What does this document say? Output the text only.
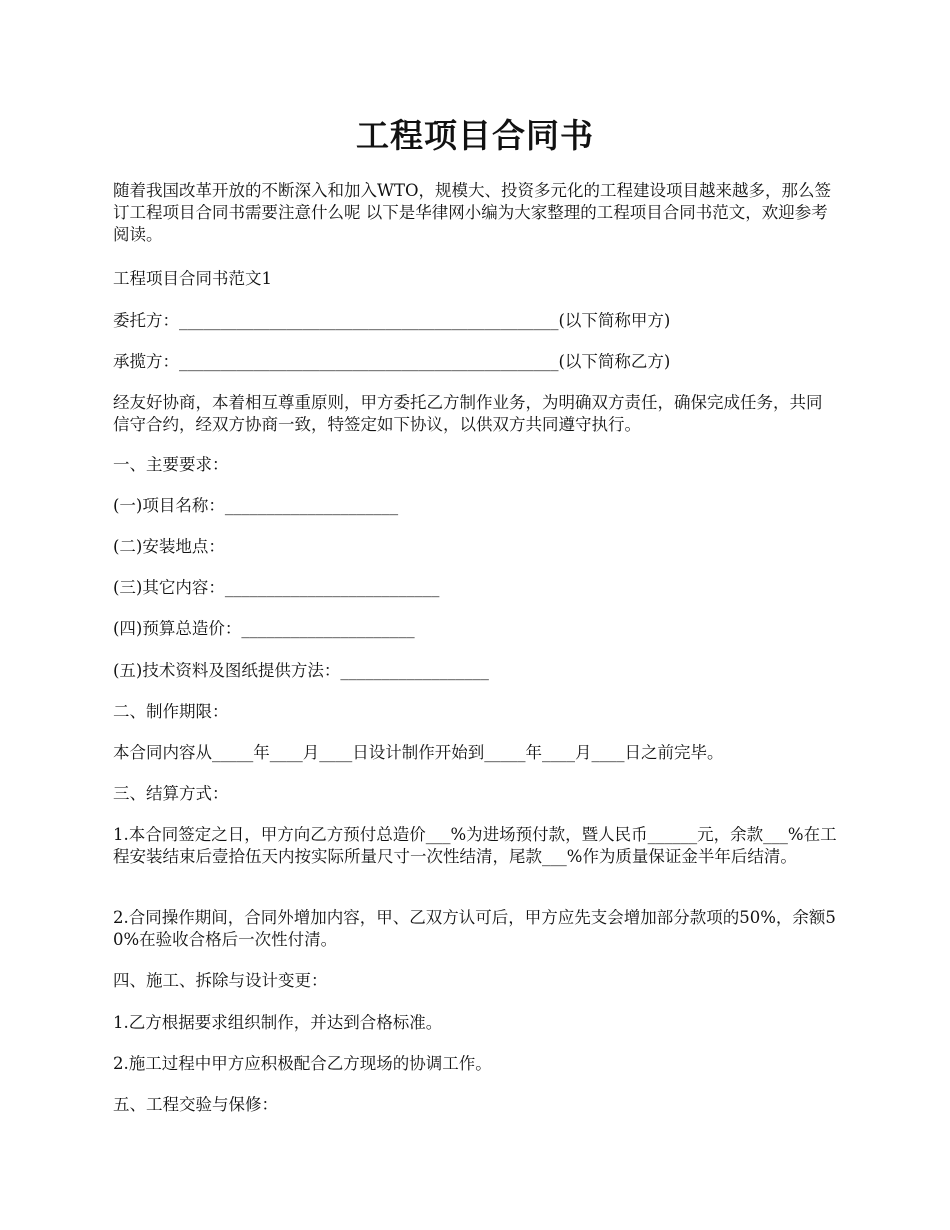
工程项目合同书

随着我国改革开放的不断深入和加入WTO，规模大、投资多元化的工程建设项目越来越多，那么签订工程项目合同书需要注意什么呢 以下是华律网小编为大家整理的工程项目合同书范文，欢迎参考阅读。

工程项目合同书范文1

委托方：______________________________________________(以下简称甲方)

承揽方：______________________________________________(以下简称乙方)

经友好协商，本着相互尊重原则，甲方委托乙方制作业务，为明确双方责任，确保完成任务，共同信守合约，经双方协商一致，特签定如下协议，以供双方共同遵守执行。

一、主要要求：

(一)项目名称：_____________________

(二)安装地点：

(三)其它内容：__________________________

(四)预算总造价：_____________________

(五)技术资料及图纸提供方法：__________________

二、制作期限：

本合同内容从_____年____月____日设计制作开始到_____年____月____日之前完毕。

三、结算方式：

1.本合同签定之日，甲方向乙方预付总造价___%为进场预付款，暨人民币______元，余款___%在工程安装结束后壹拾伍天内按实际所量尺寸一次性结清，尾款___%作为质量保证金半年后结清。

2.合同操作期间，合同外增加内容，甲、乙双方认可后，甲方应先支会增加部分款项的50%，余额50%在验收合格后一次性付清。

四、施工、拆除与设计变更：

1.乙方根据要求组织制作，并达到合格标准。

2.施工过程中甲方应积极配合乙方现场的协调工作。

五、工程交验与保修：
